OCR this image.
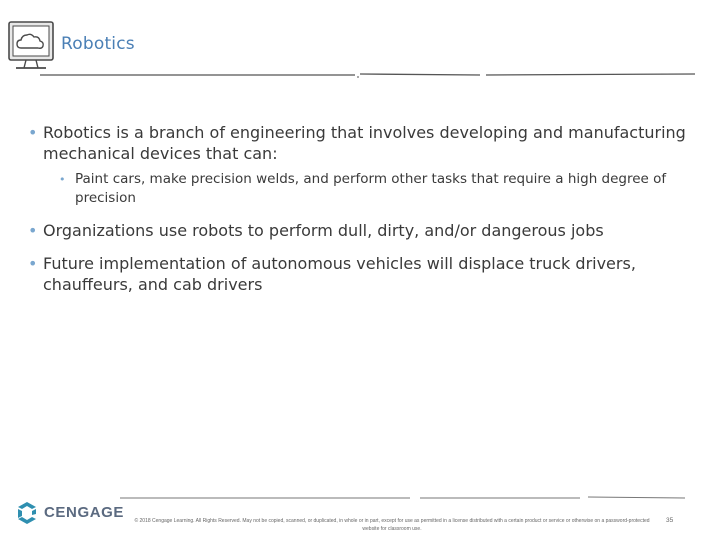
Robotics
• Robotics is a branch of engineering that involves developing and manufacturing mechanical devices that can:
• Paint cars, make precision welds, and perform other tasks that require a high degree of precision
• Organizations use robots to perform dull, dirty, and/or dangerous jobs
• Future implementation of autonomous vehicles will displace truck drivers, chauffeurs, and cab drivers
CENGAGE	© 2018 Cengage Learning. All Rights Reserved. May not be copied, scanned, or duplicated, in whole or in part, except for use as permitted in a license distributed with a certain product or service or otherwise on a password-protected website for classroom use.
35
